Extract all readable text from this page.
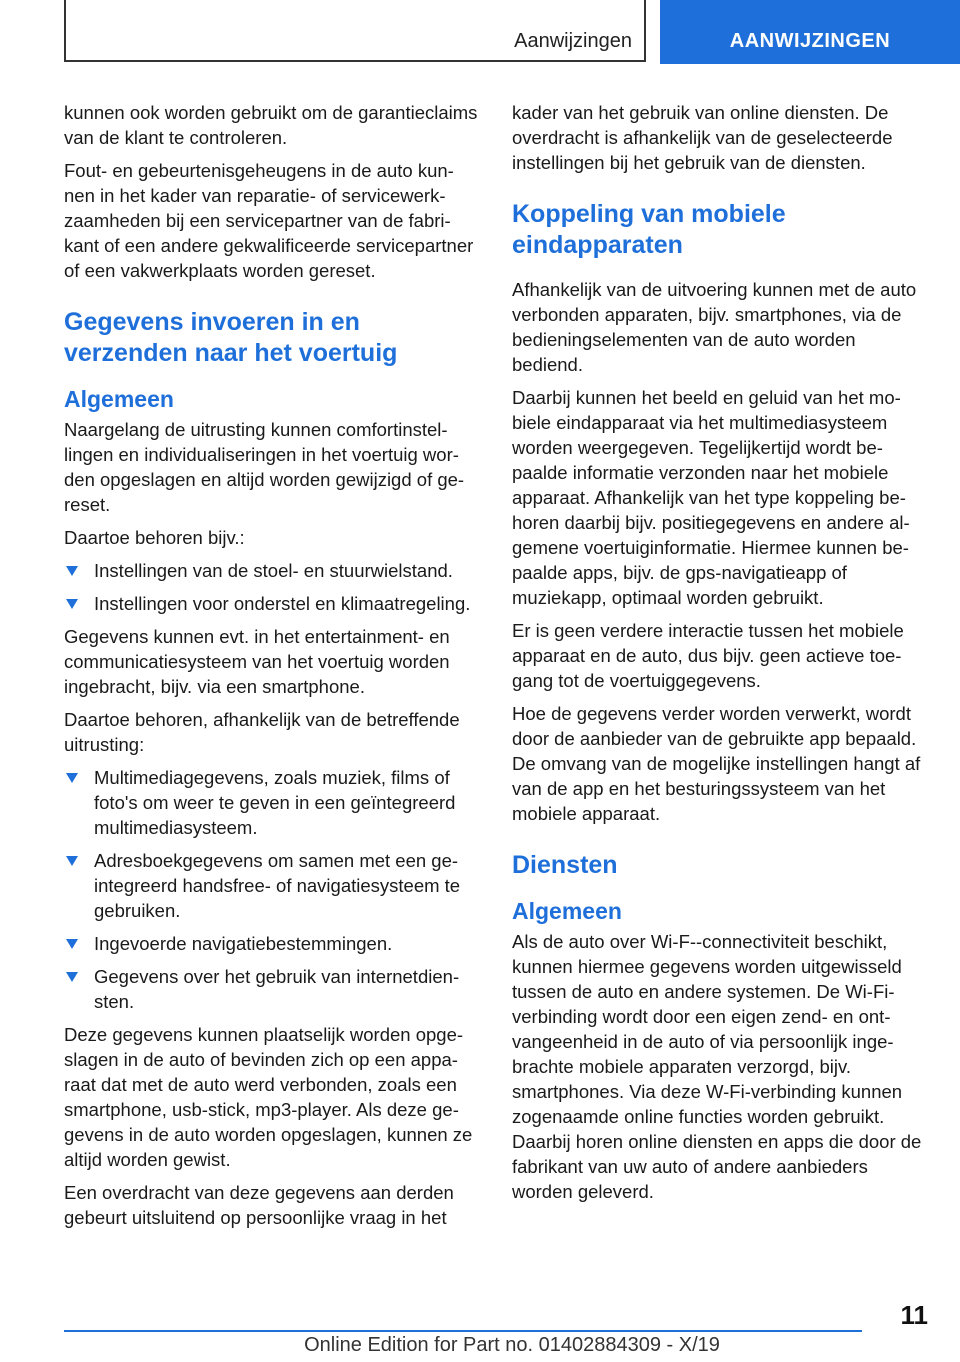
Aanwijzingen	AANWIJZINGEN

kunnen ook worden gebruikt om de garantieclaims van de klant te controleren.

Fout- en gebeurtenisgeheugens in de auto kunnen in het kader van reparatie- of servicewerkzaamheden bij een servicepartner van de fabrikant of een andere gekwalificeerde servicepartner of een vakwerkplaats worden gereset.

Gegevens invoeren in en verzenden naar het voertuig
Algemeen

Naargelang de uitrusting kunnen comfortinstellingen en individualiseringen in het voertuig worden opgeslagen en altijd worden gewijzigd of gereset.

Daartoe behoren bijv.:

Instellingen van de stoel- en stuurwielstand.
Instellingen voor onderstel en klimaatregeling.

Gegevens kunnen evt. in het entertainment- en communicatiesysteem van het voertuig worden ingebracht, bijv. via een smartphone.

Daartoe behoren, afhankelijk van de betreffende uitrusting:

Multimediagegevens, zoals muziek, films of foto's om weer te geven in een geïntegreerd multimediasysteem.
Adresboekgegevens om samen met een geintegreerd handsfree- of navigatiesysteem te gebruiken.
Ingevoerde navigatiebestemmingen.
Gegevens over het gebruik van internetdiensten.

Deze gegevens kunnen plaatselijk worden opgeslagen in de auto of bevinden zich op een apparaat dat met de auto werd verbonden, zoals een smartphone, usb-stick, mp3-player. Als deze gegevens in de auto worden opgeslagen, kunnen ze altijd worden gewist.

Een overdracht van deze gegevens aan derden gebeurt uitsluitend op persoonlijke vraag in het

kader van het gebruik van online diensten. De overdracht is afhankelijk van de geselecteerde instellingen bij het gebruik van de diensten.

Koppeling van mobiele eindapparaten

Afhankelijk van de uitvoering kunnen met de auto verbonden apparaten, bijv. smartphones, via de bedieningselementen van de auto worden bediend.

Daarbij kunnen het beeld en geluid van het mobiele eindapparaat via het multimediasysteem worden weergegeven. Tegelijkertijd wordt bepaalde informatie verzonden naar het mobiele apparaat. Afhankelijk van het type koppeling behoren daarbij bijv. positiegegevens en andere algemene voertuiginformatie. Hiermee kunnen bepaalde apps, bijv. de gps-navigatieapp of muziekapp, optimaal worden gebruikt.

Er is geen verdere interactie tussen het mobiele apparaat en de auto, dus bijv. geen actieve toegang tot de voertuiggegevens.

Hoe de gegevens verder worden verwerkt, wordt door de aanbieder van de gebruikte app bepaald. De omvang van de mogelijke instellingen hangt af van de app en het besturingssysteem van het mobiele apparaat.

Diensten
Algemeen

Als de auto over Wi-F--connectiviteit beschikt, kunnen hiermee gegevens worden uitgewisseld tussen de auto en andere systemen. De Wi-Fi-verbinding wordt door een eigen zend- en ontvangeenheid in de auto of via persoonlijk ingebrachte mobiele apparaten verzorgd, bijv. smartphones. Via deze W-Fi-verbinding kunnen zogenaamde online functies worden gebruikt. Daarbij horen online diensten en apps die door de fabrikant van uw auto of andere aanbieders worden geleverd.

11
Online Edition for Part no. 01402884309 - X/19
